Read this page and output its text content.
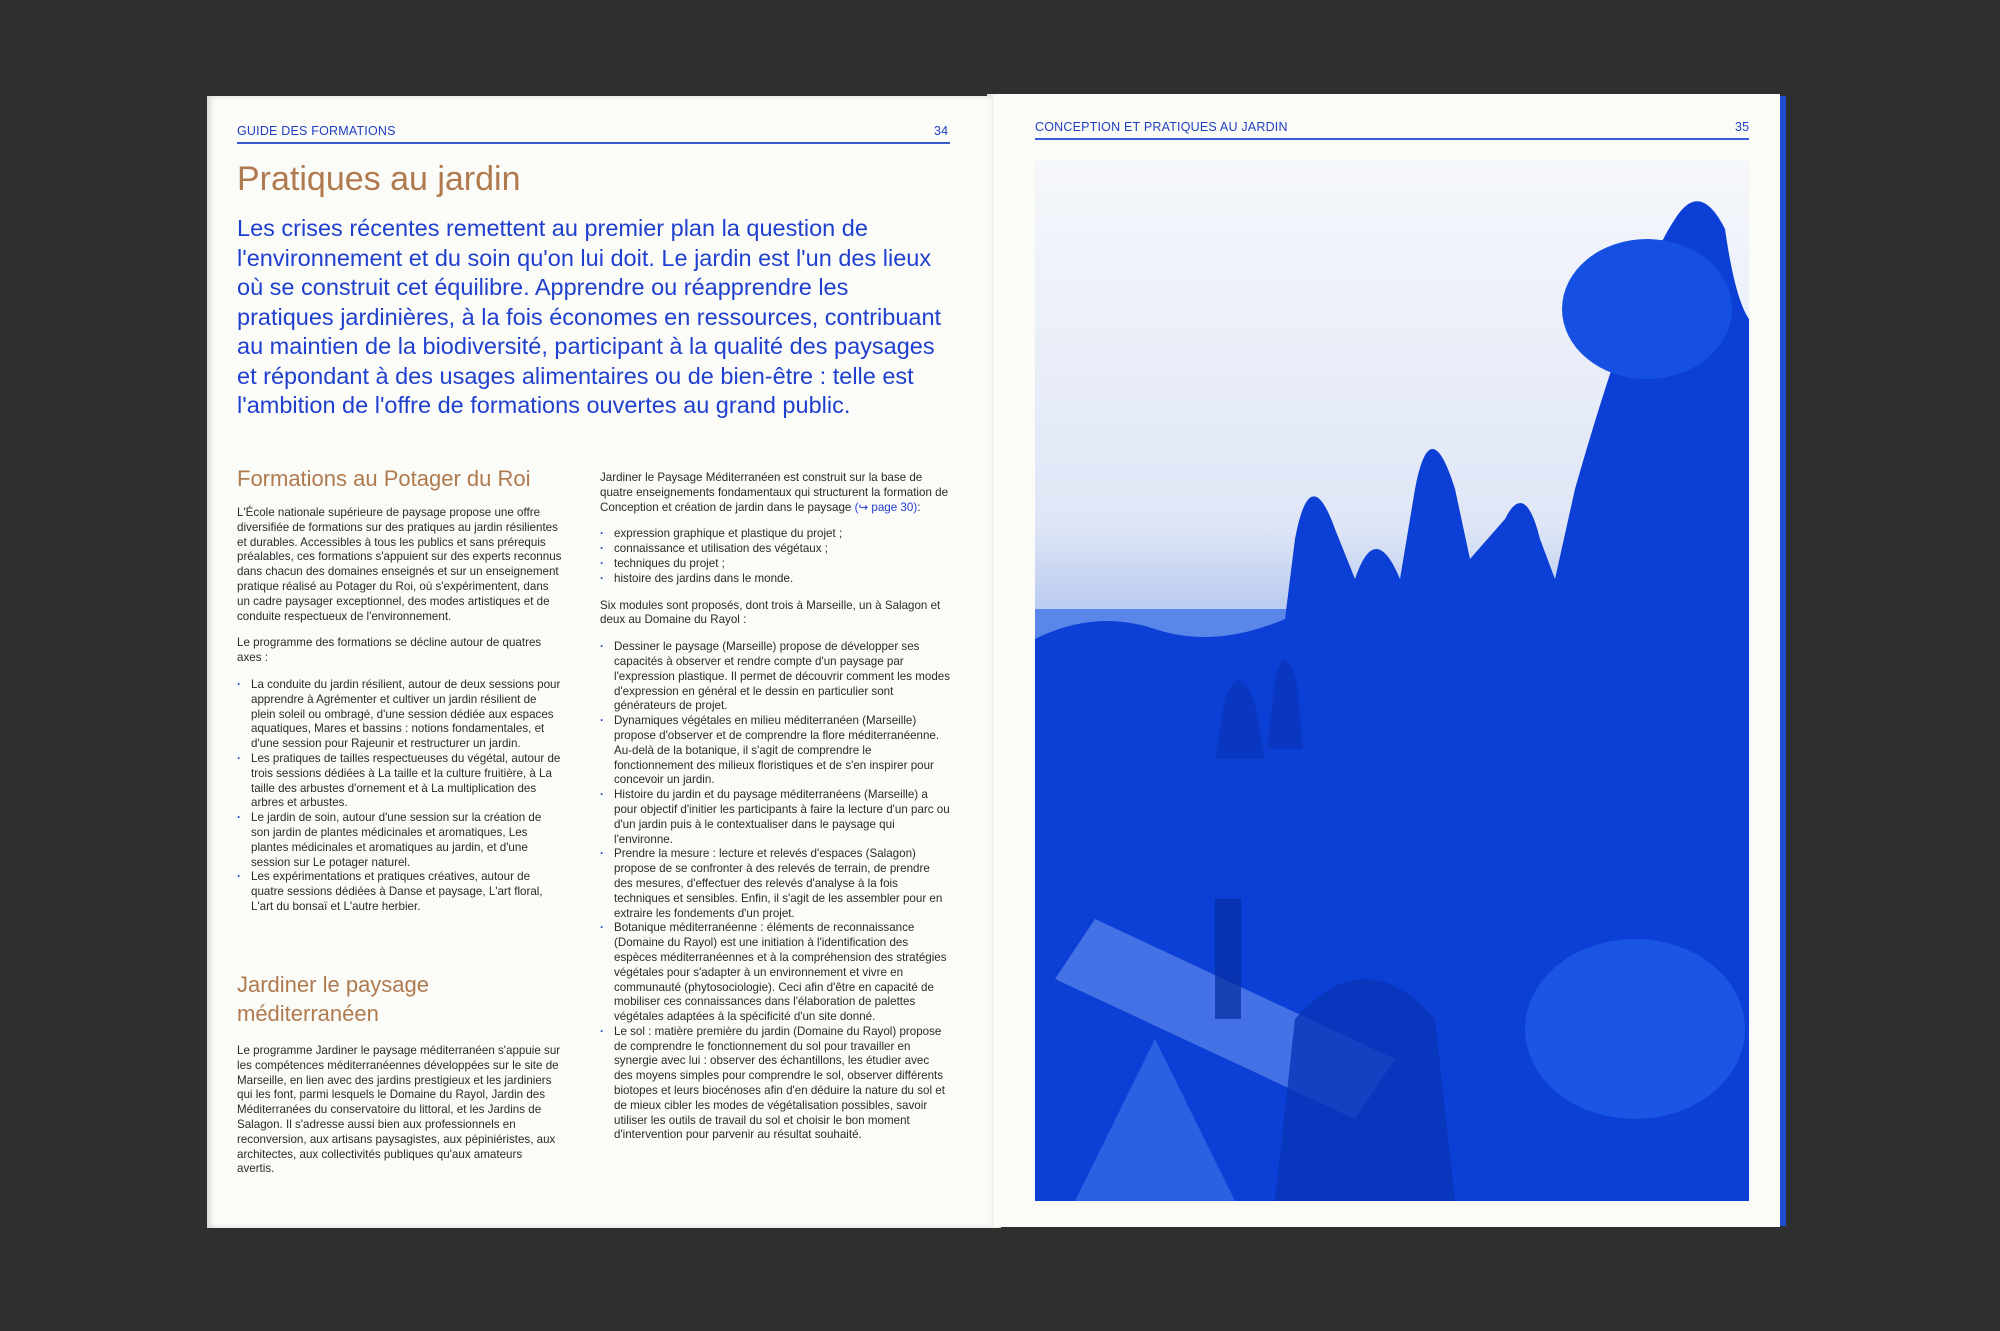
GUIDE DES FORMATIONS	34
Pratiques au jardin
Les crises récentes remettent au premier plan la question de l'environnement et du soin qu'on lui doit. Le jardin est l'un des lieux où se construit cet équilibre. Apprendre ou réapprendre les pratiques jardinières, à la fois économes en ressources, contribuant au maintien de la biodiversité, participant à la qualité des paysages et répondant à des usages alimentaires ou de bien-être : telle est l'ambition de l'offre de formations ouvertes au grand public.
Formations au Potager du Roi

L'École nationale supérieure de paysage propose une offre diversifiée de formations sur des pratiques au jardin résilientes et durables. Accessibles à tous les publics et sans prérequis préalables, ces formations s'appuient sur des experts reconnus dans chacun des domaines enseignés et sur un enseignement pratique réalisé au Potager du Roi, où s'expérimentent, dans un cadre paysager exceptionnel, des modes artistiques et de conduite respectueux de l'environnement.

Le programme des formations se décline autour de quatres axes :

· La conduite du jardin résilient, autour de deux sessions pour apprendre à Agrémenter et cultiver un jardin résilient de plein soleil ou ombragé, d'une session dédiée aux espaces aquatiques, Mares et bassins : notions fondamentales, et d'une session pour Rajeunir et restructurer un jardin.
· Les pratiques de tailles respectueuses du végétal, autour de trois sessions dédiées à La taille et la culture fruitière, à La taille des arbustes d'ornement et à La multiplication des arbres et arbustes.
· Le jardin de soin, autour d'une session sur la création de son jardin de plantes médicinales et aromatiques, Les plantes médicinales et aromatiques au jardin, et d'une session sur Le potager naturel.
· Les expérimentations et pratiques créatives, autour de quatre sessions dédiées à Danse et paysage, L'art floral, L'art du bonsaï et L'autre herbier.
Jardiner le paysage méditerranéen

Le programme Jardiner le paysage méditerranéen s'appuie sur les compétences méditerranéennes développées sur le site de Marseille, en lien avec des jardins prestigieux et les jardiniers qui les font, parmi lesquels le Domaine du Rayol, Jardin des Méditerranées du conservatoire du littoral, et les Jardins de Salagon. Il s'adresse aussi bien aux professionnels en reconversion, aux artisans paysagistes, aux pépiniéristes, aux architectes, aux collectivités publiques qu'aux amateurs avertis.

Jardiner le Paysage Méditerranéen est construit sur la base de quatre enseignements fondamentaux qui structurent la formation de Conception et création de jardin dans le paysage (↪ page 30):

· expression graphique et plastique du projet ;
· connaissance et utilisation des végétaux ;
· techniques du projet ;
· histoire des jardins dans le monde.

Six modules sont proposés, dont trois à Marseille, un à Salagon et deux au Domaine du Rayol :

· Dessiner le paysage (Marseille) propose de développer ses capacités à observer et rendre compte d'un paysage par l'expression plastique. Il permet de découvrir comment les modes d'expression en général et le dessin en particulier sont générateurs de projet.
· Dynamiques végétales en milieu méditerranéen (Marseille) propose d'observer et de comprendre la flore méditerranéenne. Au-delà de la botanique, il s'agit de comprendre le fonctionnement des milieux floristiques et de s'en inspirer pour concevoir un jardin.
· Histoire du jardin et du paysage méditerranéens (Marseille) a pour objectif d'initier les participants à faire la lecture d'un parc ou d'un jardin puis à le contextualiser dans le paysage qui l'environne.
· Prendre la mesure : lecture et relevés d'espaces (Salagon) propose de se confronter à des relevés de terrain, de prendre des mesures, d'effectuer des relevés d'analyse à la fois techniques et sensibles. Enfin, il s'agit de les assembler pour en extraire les fondements d'un projet.
· Botanique méditerranéenne : éléments de reconnaissance (Domaine du Rayol) est une initiation à l'identification des espèces méditerranéennes et à la compréhension des stratégies végétales pour s'adapter à un environnement et vivre en communauté (phytosociologie). Ceci afin d'être en capacité de mobiliser ces connaissances dans l'élaboration de palettes végétales adaptées à la spécificité d'un site donné.
· Le sol : matière première du jardin (Domaine du Rayol) propose de comprendre le fonctionnement du sol pour travailler en synergie avec lui : observer des échantillons, les étudier avec des moyens simples pour comprendre le sol, observer différents biotopes et leurs biocénoses afin d'en déduire la nature du sol et de mieux cibler les modes de végétalisation possibles, savoir utiliser les outils de travail du sol et choisir le bon moment d'intervention pour parvenir au résultat souhaité.
CONCEPTION ET PRATIQUES AU JARDIN	35
